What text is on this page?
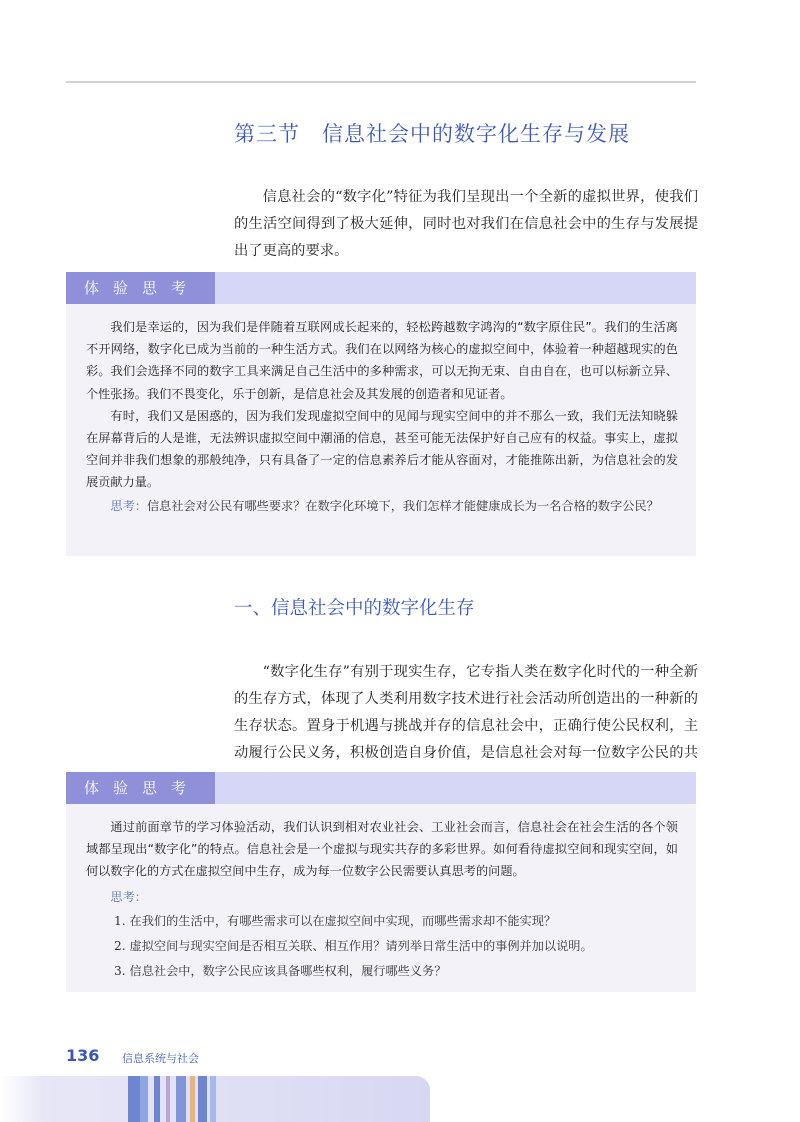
第三节 信息社会中的数字化生存与发展

信息社会的“数字化”特征为我们呈现出一个全新的虚拟世界，使我们的生活空间得到了极大延伸，同时也对我们在信息社会中的生存与发展提出了更高的要求。

体验思考

我们是幸运的，因为我们是伴随着互联网成长起来的，轻松跨越数字鸿沟的“数字原住民”。我们的生活离不开网络，数字化已成为当前的一种生活方式。我们在以网络为核心的虚拟空间中，体验着一种超越现实的色彩。我们会选择不同的数字工具来满足自己生活中的多种需求，可以无拘无束、自由自在，也可以标新立异、个性张扬。我们不畏变化，乐于创新，是信息社会及其发展的创造者和见证者。

有时，我们又是困惑的，因为我们发现虚拟空间中的见闻与现实空间中的并不那么一致，我们无法知晓躲在屏幕背后的人是谁，无法辨识虚拟空间中潮涌的信息，甚至可能无法保护好自己应有的权益。事实上，虚拟空间并非我们想象的那般纯净，只有具备了一定的信息素养后才能从容面对，才能推陈出新，为信息社会的发展贡献力量。

思考：信息社会对公民有哪些要求？在数字化环境下，我们怎样才能健康成长为一名合格的数字公民？

一、信息社会中的数字化生存

“数字化生存”有别于现实生存，它专指人类在数字化时代的一种全新的生存方式，体现了人类利用数字技术进行社会活动所创造出的一种新的生存状态。置身于机遇与挑战并存的信息社会中，正确行使公民权利，主动履行公民义务，积极创造自身价值，是信息社会对每一位数字公民的共

体验思考

通过前面章节的学习体验活动，我们认识到相对农业社会、工业社会而言，信息社会在社会生活的各个领域都呈现出“数字化”的特点。信息社会是一个虚拟与现实共存的多彩世界。如何看待虚拟空间和现实空间，如何以数字化的方式在虚拟空间中生存，成为每一位数字公民需要认真思考的问题。

思考：

1. 在我们的生活中，有哪些需求可以在虚拟空间中实现，而哪些需求却不能实现？
2. 虚拟空间与现实空间是否相互关联、相互作用？请列举日常生活中的事例并加以说明。
3. 信息社会中，数字公民应该具备哪些权利，履行哪些义务？
136 信息系统与社会
